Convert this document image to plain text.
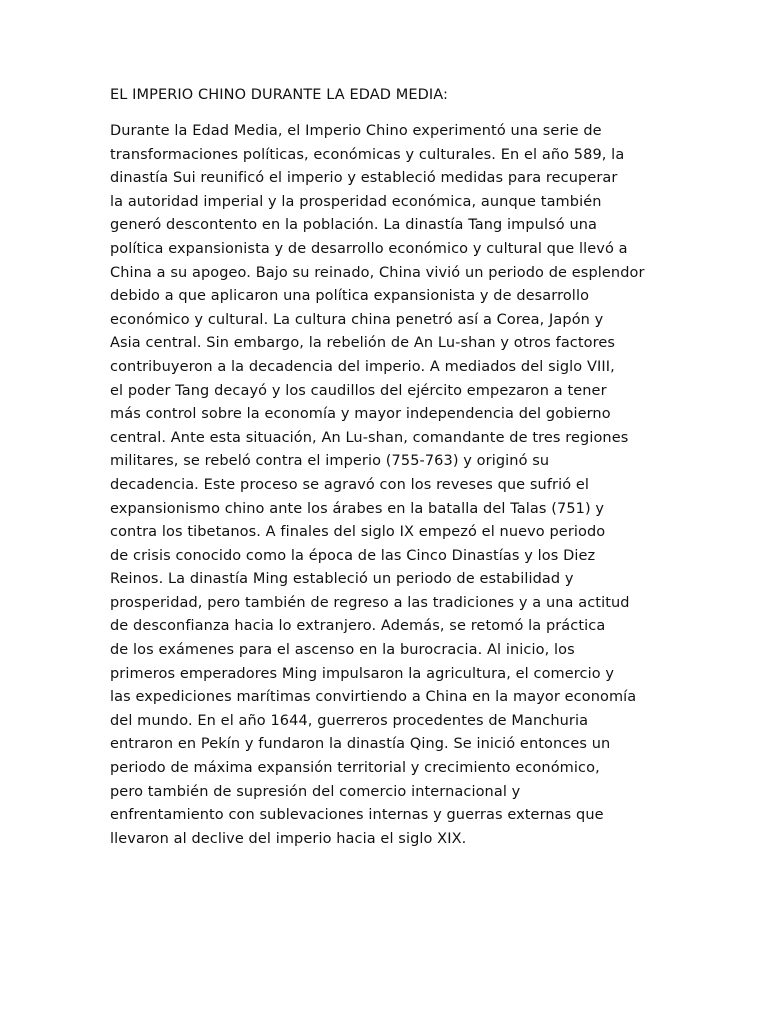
EL IMPERIO CHINO DURANTE LA EDAD MEDIA:
Durante la Edad Media, el Imperio Chino experimentó una serie de
transformaciones políticas, económicas y culturales. En el año 589, la
dinastía Sui reunificó el imperio y estableció medidas para recuperar
la autoridad imperial y la prosperidad económica, aunque también
generó descontento en la población. La dinastía Tang impulsó una
política expansionista y de desarrollo económico y cultural que llevó a
China a su apogeo. Bajo su reinado, China vivió un periodo de esplendor
debido a que aplicaron una política expansionista y de desarrollo
económico y cultural. La cultura china penetró así a Corea, Japón y
Asia central. Sin embargo, la rebelión de An Lu-shan y otros factores
contribuyeron a la decadencia del imperio. A mediados del siglo VIII,
el poder Tang decayó y los caudillos del ejército empezaron a tener
más control sobre la economía y mayor independencia del gobierno
central. Ante esta situación, An Lu-shan, comandante de tres regiones
militares, se rebeló contra el imperio (755-763) y originó su
decadencia. Este proceso se agravó con los reveses que sufrió el
expansionismo chino ante los árabes en la batalla del Talas (751) y
contra los tibetanos. A finales del siglo IX empezó el nuevo periodo
de crisis conocido como la época de las Cinco Dinastías y los Diez
Reinos. La dinastía Ming estableció un periodo de estabilidad y
prosperidad, pero también de regreso a las tradiciones y a una actitud
de desconfianza hacia lo extranjero. Además, se retomó la práctica
de los exámenes para el ascenso en la burocracia. Al inicio, los
primeros emperadores Ming impulsaron la agricultura, el comercio y
las expediciones marítimas convirtiendo a China en la mayor economía
del mundo. En el año 1644, guerreros procedentes de Manchuria
entraron en Pekín y fundaron la dinastía Qing. Se inició entonces un
periodo de máxima expansión territorial y crecimiento económico,
pero también de supresión del comercio internacional y
enfrentamiento con sublevaciones internas y guerras externas que
llevaron al declive del imperio hacia el siglo XIX.
